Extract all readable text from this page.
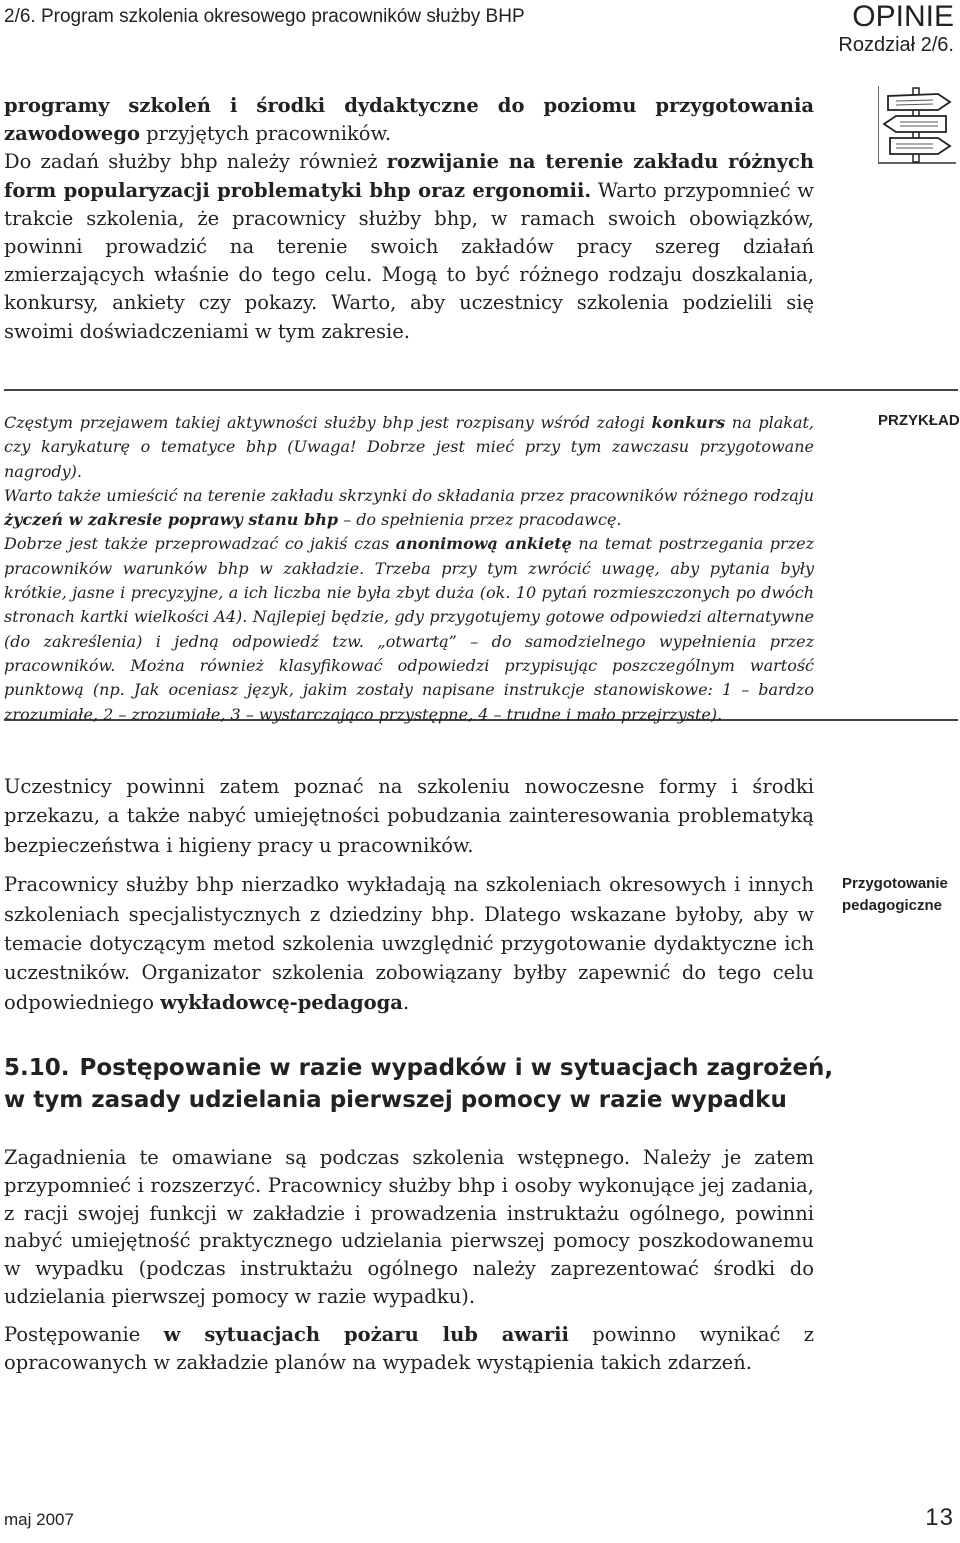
2/6. Program szkolenia okresowego pracowników służby BHP	OPINIE
Rozdział 2/6.

programy szkoleń i środki dydaktyczne do poziomu przygotowania zawodowego przyjętych pracowników.

Do zadań służby bhp należy również rozwijanie na terenie zakładu różnych form popularyzacji problematyki bhp oraz ergonomii. Warto przypomnieć w trakcie szkolenia, że pracownicy służby bhp, w ramach swoich obowiązków, powinni prowadzić na terenie swoich zakładów pracy szereg działań zmierzających właśnie do tego celu. Mogą to być różnego rodzaju doszkalania, konkursy, ankiety czy pokazy. Warto, aby uczestnicy szkolenia podzielili się swoimi doświadczeniami w tym zakresie.

PRZYKŁAD

Częstym przejawem takiej aktywności służby bhp jest rozpisany wśród załogi konkurs na plakat, czy karykaturę o tematyce bhp (Uwaga! Dobrze jest mieć przy tym zawczasu przygotowane nagrody).

Warto także umieścić na terenie zakładu skrzynki do składania przez pracowników różnego rodzaju życzeń w zakresie poprawy stanu bhp – do spełnienia przez pracodawcę.

Dobrze jest także przeprowadzać co jakiś czas anonimową ankietę na temat postrzegania przez pracowników warunków bhp w zakładzie. Trzeba przy tym zwrócić uwagę, aby pytania były krótkie, jasne i precyzyjne, a ich liczba nie była zbyt duża (ok. 10 pytań rozmieszczonych po dwóch stronach kartki wielkości A4). Najlepiej będzie, gdy przygotujemy gotowe odpowiedzi alternatywne (do zakreślenia) i jedną odpowiedź tzw. „otwartą” – do samodzielnego wypełnienia przez pracowników. Można również klasyfikować odpowiedzi przypisując poszczególnym wartość punktową (np. Jak oceniasz język, jakim zostały napisane instrukcje stanowiskowe: 1 – bardzo zrozumiałe, 2 – zrozumiałe, 3 – wystarczająco przystępne, 4 – trudne i mało przejrzyste).

Uczestnicy powinni zatem poznać na szkoleniu nowoczesne formy i środki przekazu, a także nabyć umiejętności pobudzania zainteresowania problematyką bezpieczeństwa i higieny pracy u pracowników.

Pracownicy służby bhp nierzadko wykładają na szkoleniach okresowych i innych szkoleniach specjalistycznych z dziedziny bhp. Dlatego wskazane byłoby, aby w temacie dotyczącym metod szkolenia uwzględnić przygotowanie dydaktyczne ich uczestników. Organizator szkolenia zobowiązany byłby zapewnić do tego celu odpowiedniego wykładowcę-pedagoga.

Przygotowanie
pedagogiczne
5.10. Postępowanie w razie wypadków i w sytuacjach zagrożeń,
w tym zasady udzielania pierwszej pomocy w razie wypadku

Zagadnienia te omawiane są podczas szkolenia wstępnego. Należy je zatem przypomnieć i rozszerzyć. Pracownicy służby bhp i osoby wykonujące jej zadania, z racji swojej funkcji w zakładzie i prowadzenia instruktażu ogólnego, powinni nabyć umiejętność praktycznego udzielania pierwszej pomocy poszkodowanemu w wypadku (podczas instruktażu ogólnego należy zaprezentować środki do udzielania pierwszej pomocy w razie wypadku).

Postępowanie w sytuacjach pożaru lub awarii powinno wynikać z opracowanych w zakładzie planów na wypadek wystąpienia takich zdarzeń.

maj 2007	13
